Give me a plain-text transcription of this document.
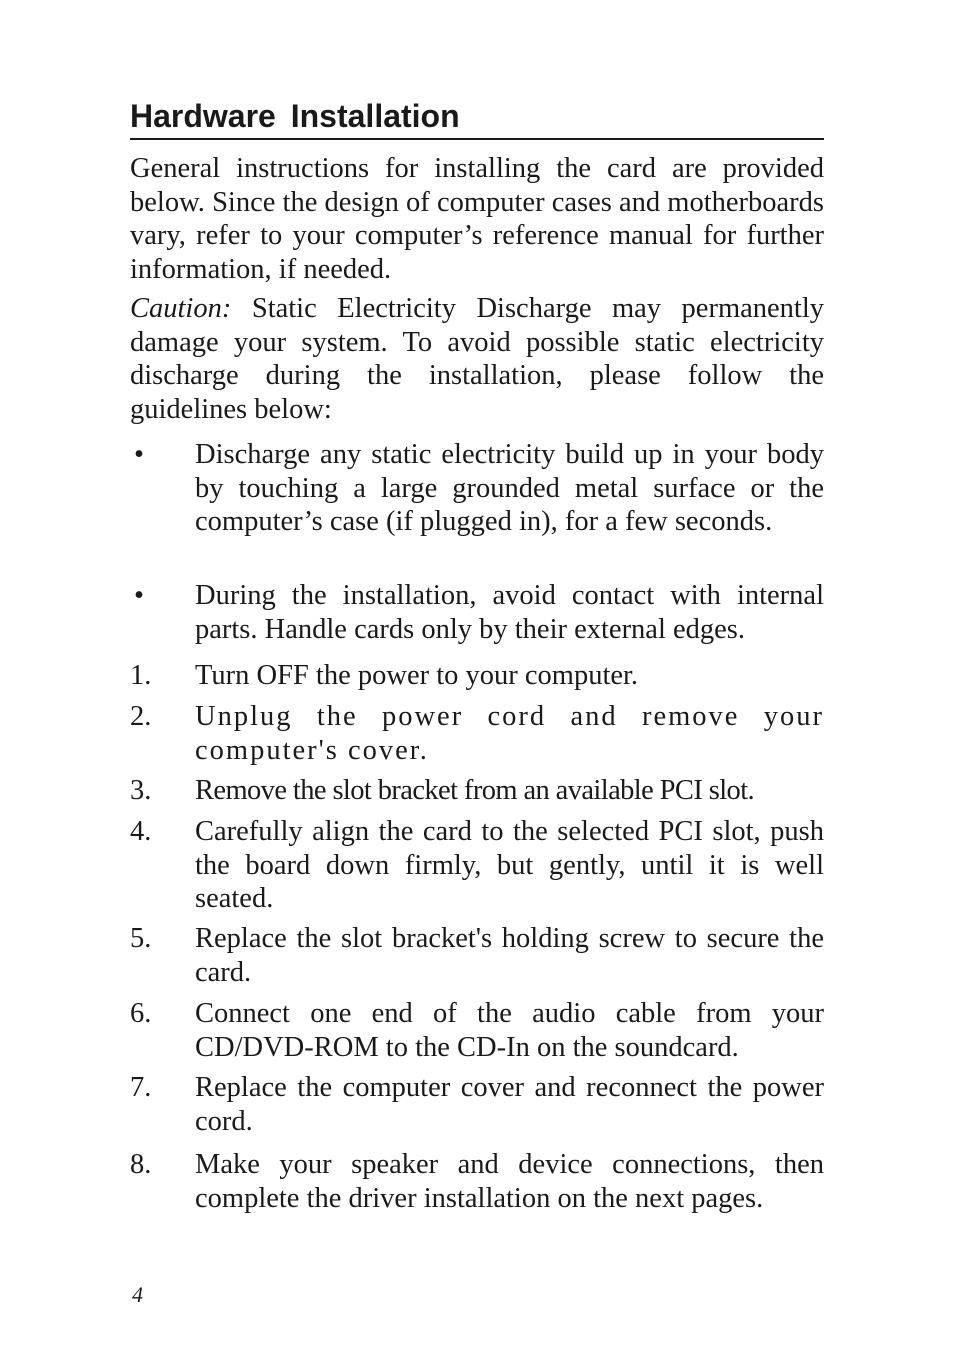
Hardware Installation

General instructions for installing the card are provided below. Since the design of computer cases and motherboards vary, refer to your computer’s reference manual for further information, if needed.

Caution: Static Electricity Discharge may permanently damage your system. To avoid possible static electricity discharge during the installation, please follow the guidelines below:

•	Discharge any static electricity build up in your body by touching a large grounded metal surface or the computer’s case (if plugged in), for a few seconds.

•	During the installation, avoid contact with internal parts. Handle cards only by their external edges.

1.	Turn OFF the power to your computer.

2.	Unplug the power cord and remove your computer's cover.

3.	Remove the slot bracket from an available PCI slot.

4.	Carefully align the card to the selected PCI slot, push the board down firmly, but gently, until it is well seated.

5.	Replace the slot bracket's holding screw to secure the card.

6.	Connect one end of the audio cable from your CD/DVD-ROM to the CD-In on the soundcard.

7.	Replace the computer cover and reconnect the power cord.

8.	Make your speaker and device connections, then complete the driver installation on the next pages.

4
